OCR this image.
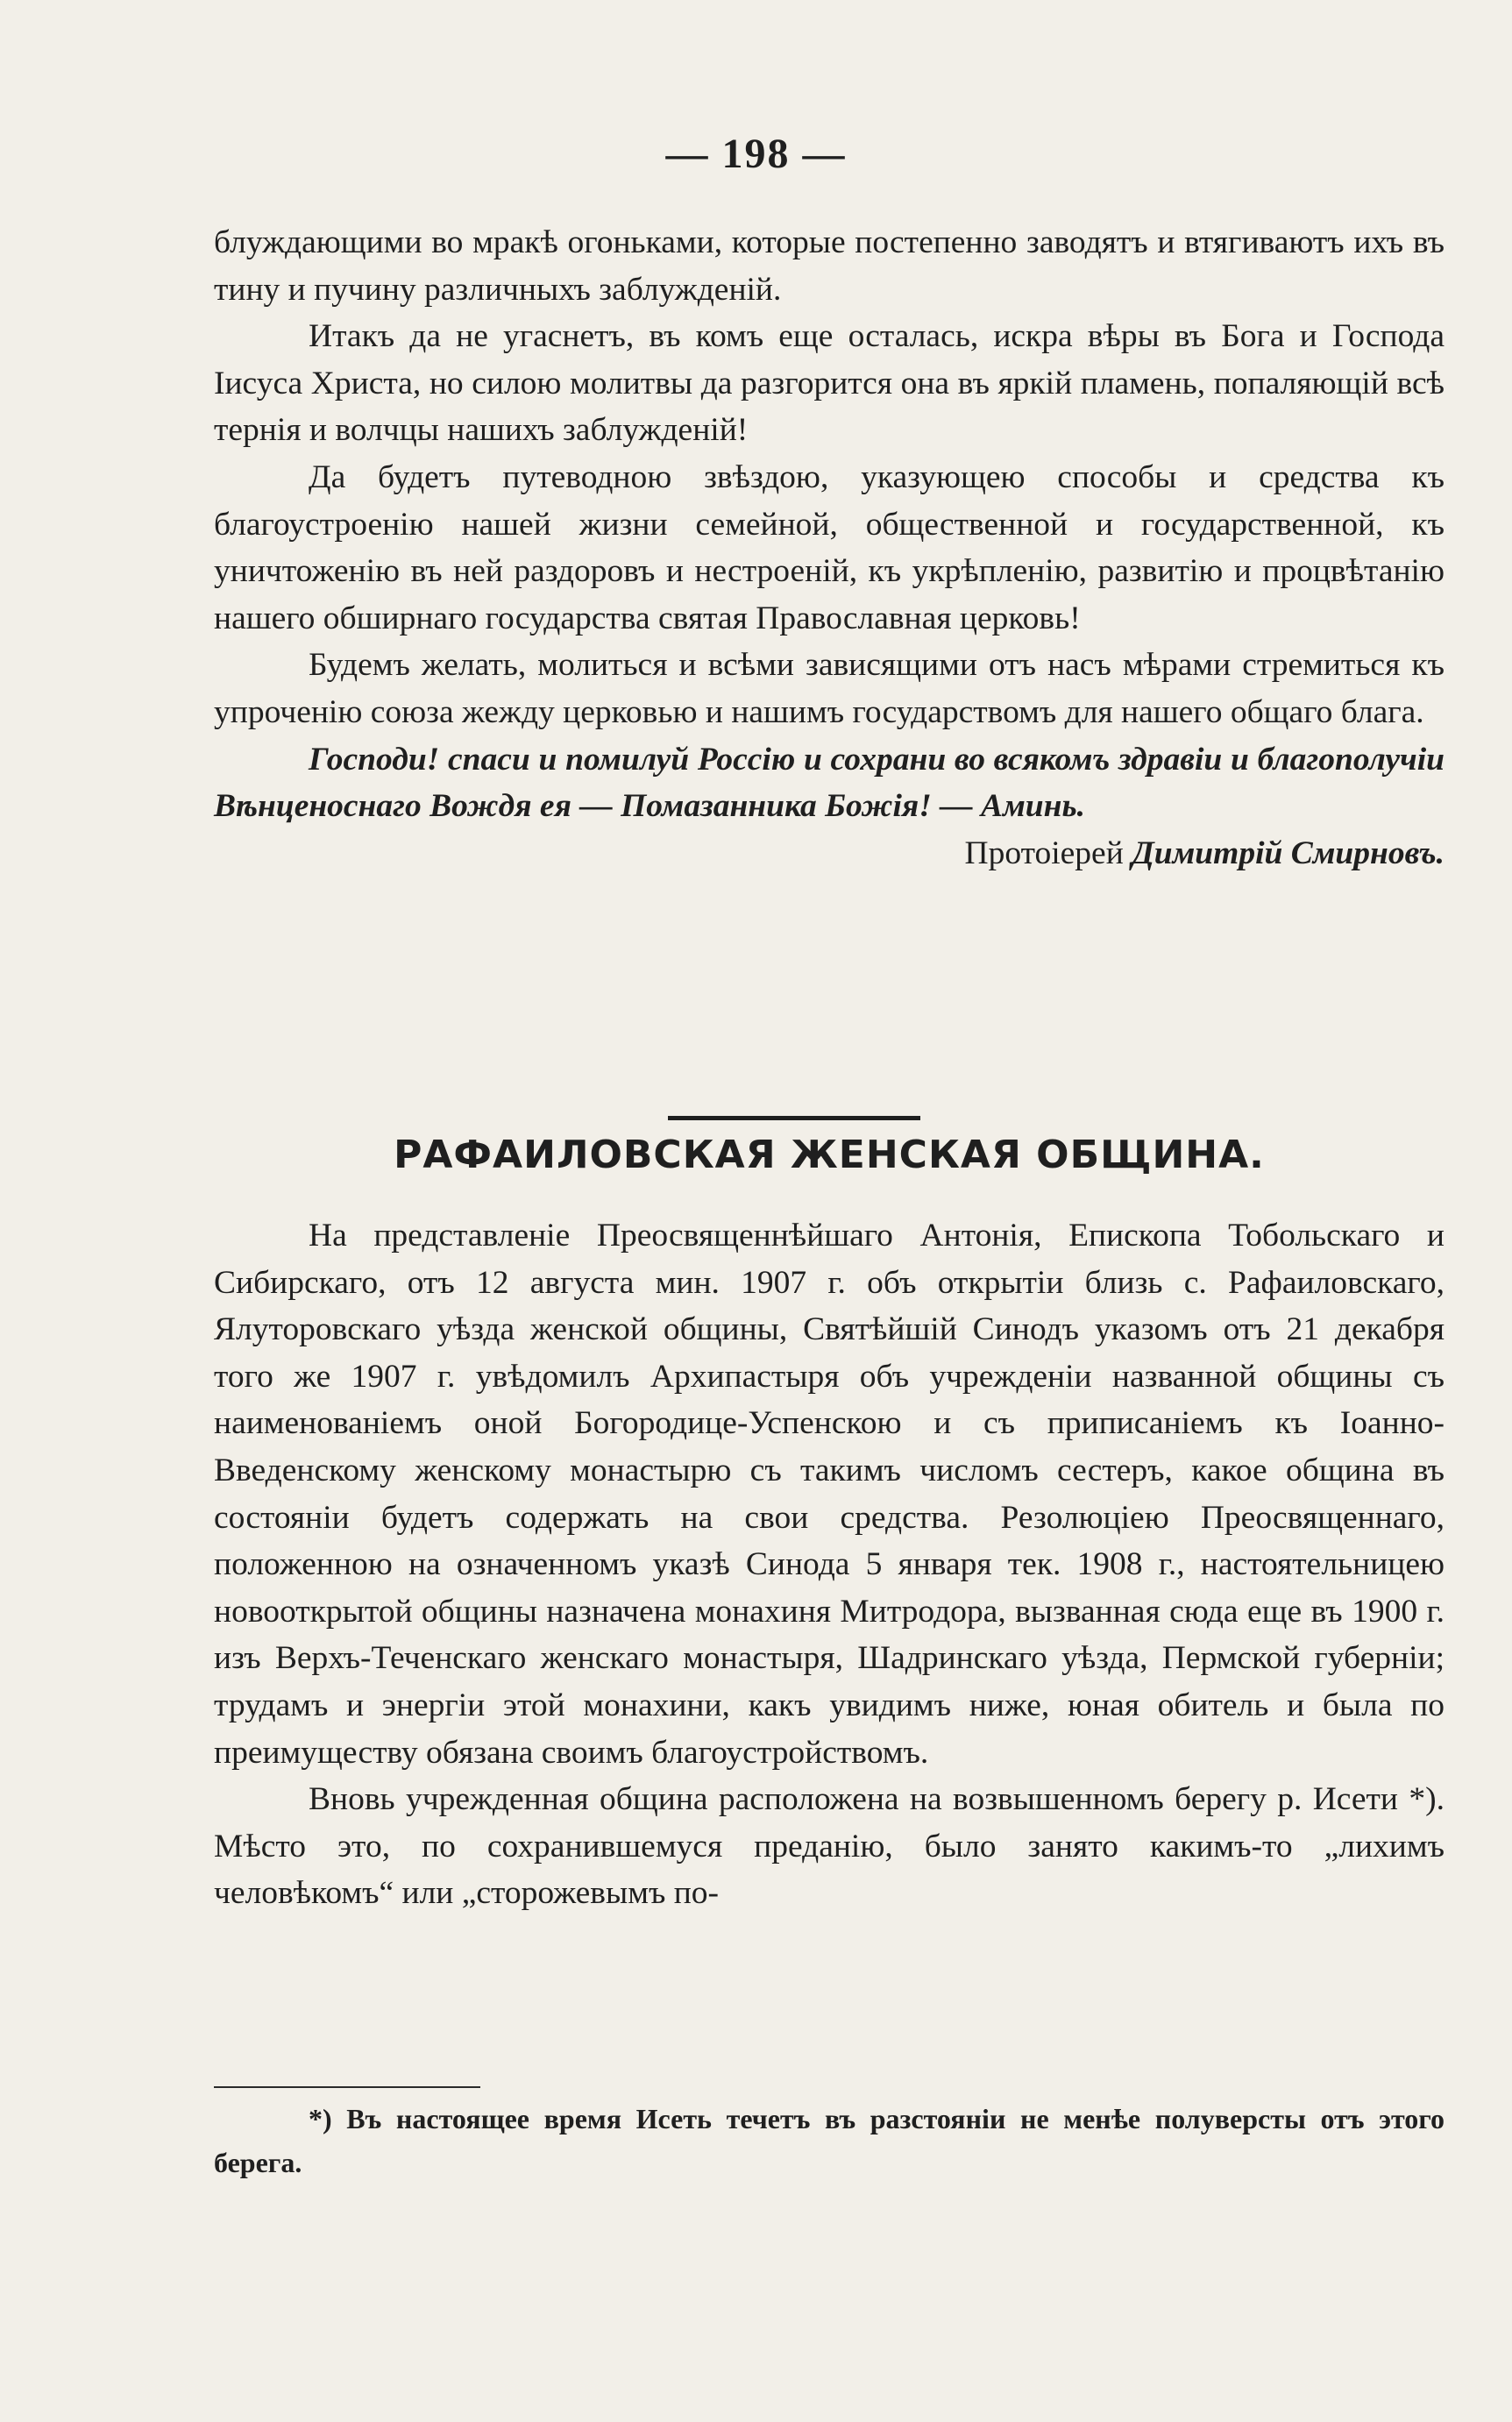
— 198 —

блуждающими во мракѣ огоньками, которые постепенно заводятъ и втягиваютъ ихъ въ тину и пучину различныхъ заблужденій.

Итакъ да не угаснетъ, въ комъ еще осталась, искра вѣры въ Бога и Господа Іисуса Христа, но силою молитвы да разгорится она въ яркій пламень, попаляющій всѣ тернія и волчцы нашихъ заблужденій!

Да будетъ путеводною звѣздою, указующею способы и средства къ благоустроенію нашей жизни семейной, общественной и государственной, къ уничтоженію въ ней раздоровъ и нестроеній, къ укрѣпленію, развитію и процвѣтанію нашего обширнаго государства святая Православная церковь!

Будемъ желать, молиться и всѣми зависящими отъ насъ мѣрами стремиться къ упроченію союза жежду церковью и нашимъ государствомъ для нашего общаго блага.

Господи! спаси и помилуй Россію и сохрани во всякомъ здравіи и благополучіи Вѣнценоснаго Вождя ея — Помазанника Божія! — Аминь.

Протоіерей Димитрій Смирновъ.

РАФАИЛОВСКАЯ ЖЕНСКАЯ ОБЩИНА.

На представленіе Преосвященнѣйшаго Антонія, Епископа Тобольскаго и Сибирскаго, отъ 12 августа мин. 1907 г. объ открытіи близь с. Рафаиловскаго, Ялуторовскаго уѣзда женской общины, Святѣйшій Синодъ указомъ отъ 21 декабря того же 1907 г. увѣдомилъ Архипастыря объ учрежденіи названной общины съ наименованіемъ оной Богородице-Успенскою и съ приписаніемъ къ Іоанно-Введенскому женскому монастырю съ такимъ числомъ сестеръ, какое община въ состояніи будетъ содержать на свои средства. Резолюціею Преосвященнаго, положенною на означенномъ указѣ Синода 5 января тек. 1908 г., настоятельницею новооткрытой общины назначена монахиня Митродора, вызванная сюда еще въ 1900 г. изъ Верхъ-Теченскаго женскаго монастыря, Шадринскаго уѣзда, Пермской губерніи; трудамъ и энергіи этой монахини, какъ увидимъ ниже, юная обитель и была по преимуществу обязана своимъ благоустройствомъ.

Вновь учрежденная община расположена на возвышенномъ берегу р. Исети *). Мѣсто это, по сохранившемуся преданію, было занято какимъ-то „лихимъ человѣкомъ“ или „сторожевымъ по-

*) Въ настоящее время Исеть течетъ въ разстояніи не менѣе полуверсты отъ этого берега.
